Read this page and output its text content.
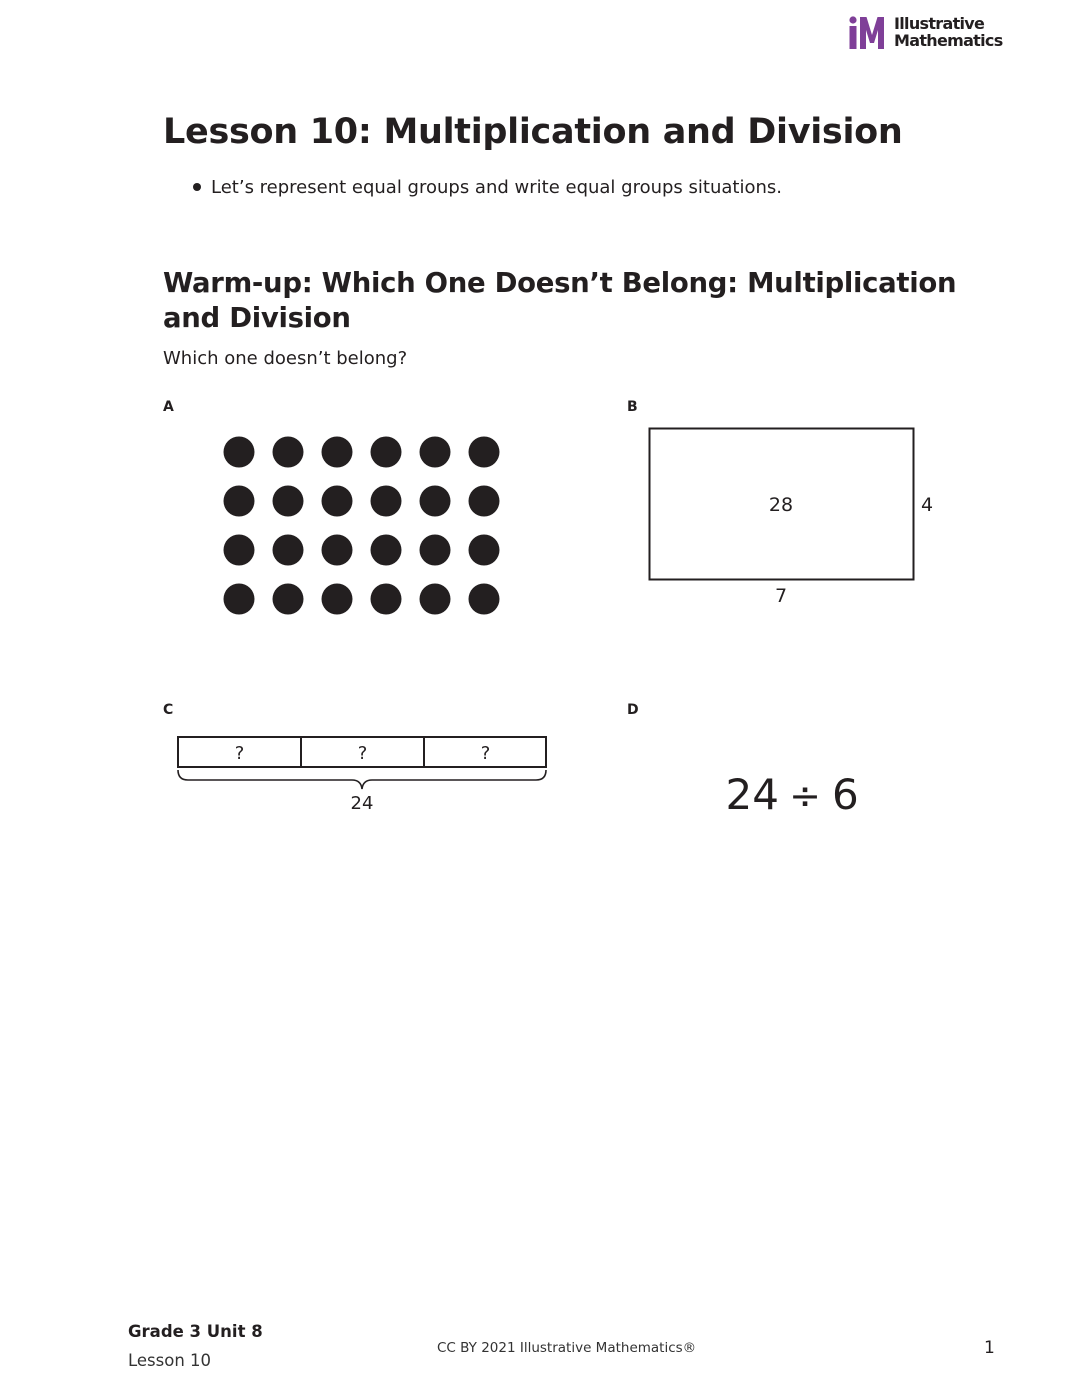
Illustrative
Mathematics
Lesson 10: Multiplication and Division
Let’s represent equal groups and write equal groups situations.
Warm-up: Which One Doesn’t Belong: Multiplication and Division
Which one doesn’t belong?
A	B
28	4
7
C
?	?	?
24
D
24 ÷ 6
Grade 3 Unit 8
Lesson 10
CC BY 2021 Illustrative Mathematics®	1
